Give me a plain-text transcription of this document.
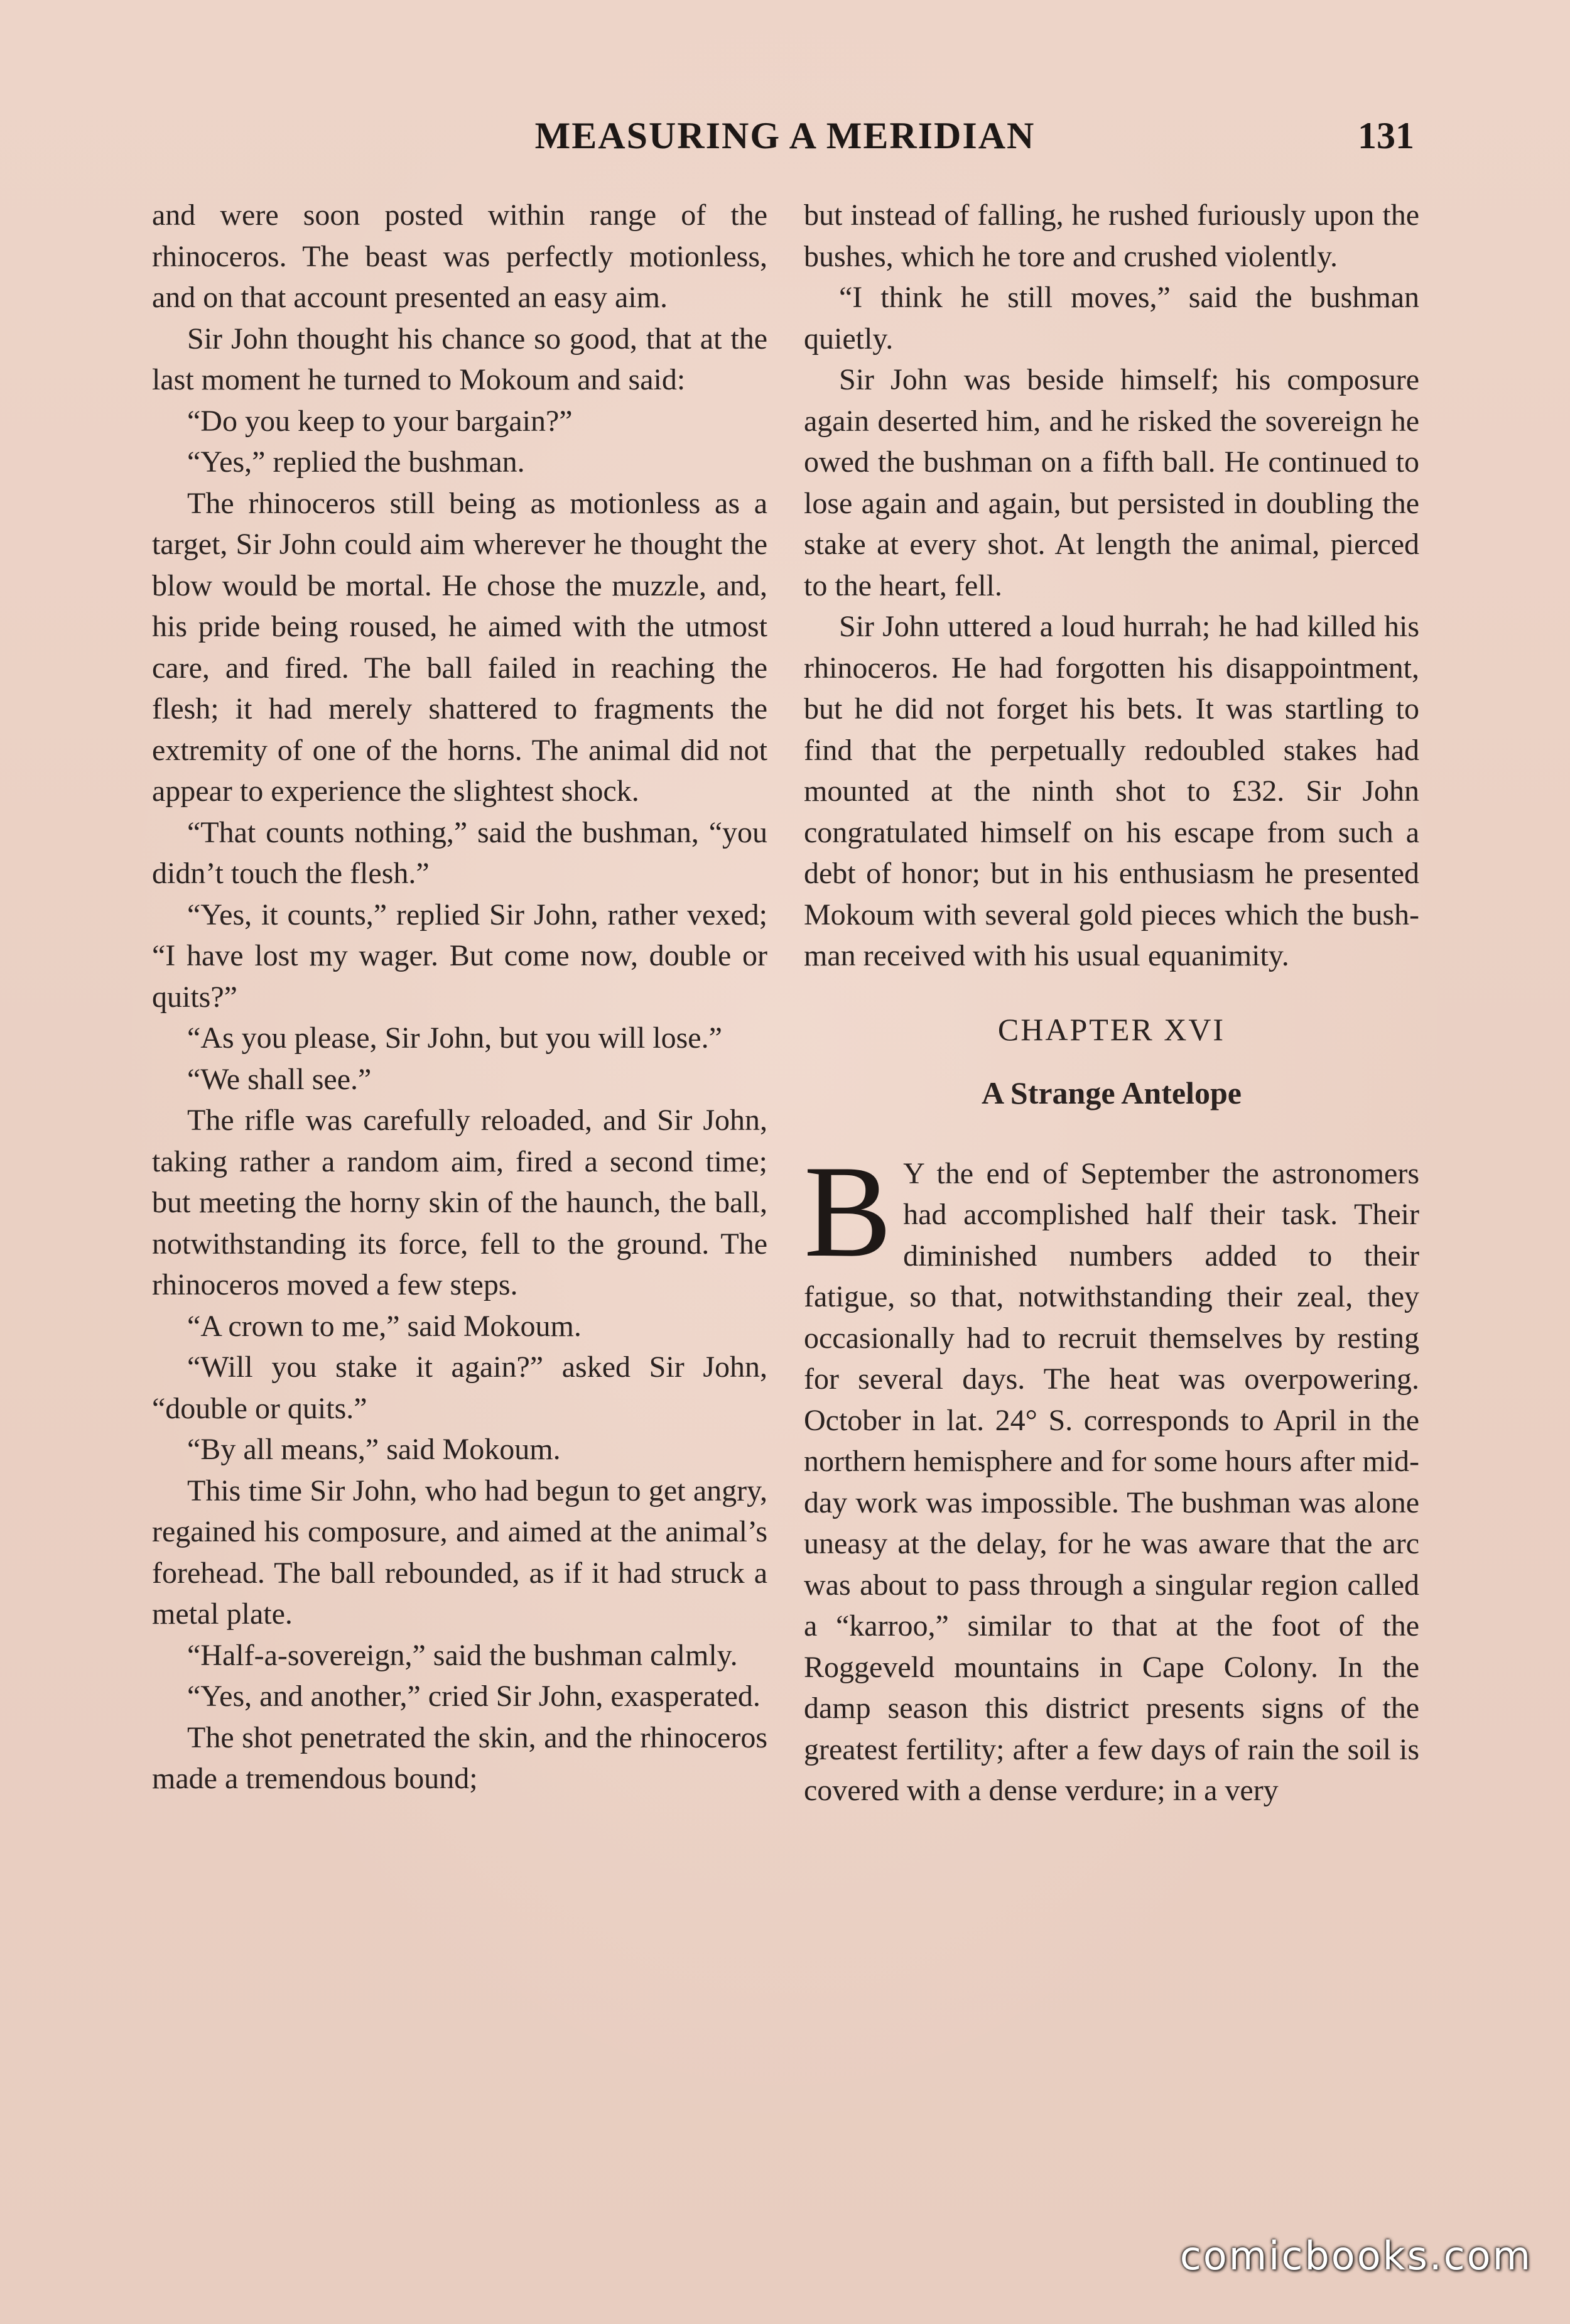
MEASURING A MERIDIAN	131

and were soon posted within range of the rhinoceros. The beast was perfectly motionless, and on that account presented an easy aim.

Sir John thought his chance so good, that at the last moment he turned to Mokoum and said:

“Do you keep to your bargain?”

“Yes,” replied the bushman.

The rhinoceros still being as motionless as a target, Sir John could aim wherever he thought the blow would be mortal. He chose the muzzle, and, his pride being roused, he aimed with the utmost care, and fired. The ball failed in reaching the flesh; it had merely shattered to fragments the extremity of one of the horns. The animal did not appear to experience the slightest shock.

“That counts nothing,” said the bushman, “you didn’t touch the flesh.”

“Yes, it counts,” replied Sir John, rather vexed; “I have lost my wager. But come now, double or quits?”

“As you please, Sir John, but you will lose.”

“We shall see.”

The rifle was carefully reloaded, and Sir John, taking rather a random aim, fired a second time; but meeting the horny skin of the haunch, the ball, notwithstanding its force, fell to the ground. The rhinoceros moved a few steps.

“A crown to me,” said Mokoum.

“Will you stake it again?” asked Sir John, “double or quits.”

“By all means,” said Mokoum.

This time Sir John, who had begun to get angry, regained his composure, and aimed at the animal’s forehead. The ball rebounded, as if it had struck a metal plate.

“Half-a-sovereign,” said the bushman calmly.

“Yes, and another,” cried Sir John, exasperated.

The shot penetrated the skin, and the rhinoceros made a tremendous bound;

but instead of falling, he rushed furiously upon the bushes, which he tore and crushed violently.

“I think he still moves,” said the bushman quietly.

Sir John was beside himself; his composure again deserted him, and he risked the sovereign he owed the bushman on a fifth ball. He continued to lose again and again, but persisted in doubling the stake at every shot. At length the animal, pierced to the heart, fell.

Sir John uttered a loud hurrah; he had killed his rhinoceros. He had forgotten his disappointment, but he did not forget his bets. It was startling to find that the perpetually redoubled stakes had mounted at the ninth shot to £32. Sir John congratulated himself on his escape from such a debt of honor; but in his enthusiasm he presented Mokoum with several gold pieces which the bushman received with his usual equanimity.

CHAPTER XVI
A Strange Antelope

B Y the end of September the astronomers had accomplished half their task. Their diminished numbers added to their fatigue, so that, notwithstanding their zeal, they occasionally had to recruit themselves by resting for several days. The heat was overpowering. October in lat. 24° S. corresponds to April in the northern hemisphere and for some hours after midday work was impossible. The bushman was alone uneasy at the delay, for he was aware that the arc was about to pass through a singular region called a “karroo,” similar to that at the foot of the Roggeveld mountains in Cape Colony. In the damp season this district presents signs of the greatest fertility; after a few days of rain the soil is covered with a dense verdure; in a very

comicbooks.com
